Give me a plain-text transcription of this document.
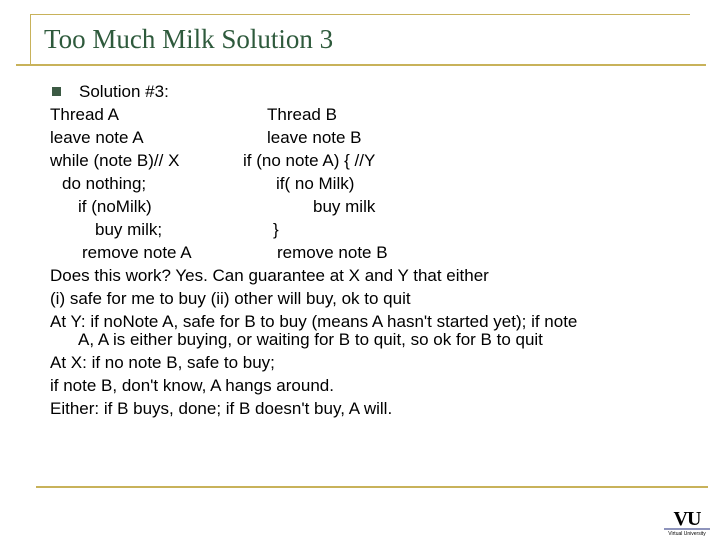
Too Much Milk Solution 3
Solution #3:
Thread A
leave note A
while (note B)// X
do nothing;
if (noMilk)
buy milk;
remove note A
Thread B
leave note B
if (no note A) { //Y
if( no Milk)
buy milk
}
remove note B
Does this work? Yes. Can guarantee at X and Y that either
(i) safe for me to buy (ii) other will buy, ok to quit
At Y: if noNote A, safe for B to buy (means A hasn't started yet); if note
A, A is either buying, or waiting for B to quit, so ok for B to quit
At X: if no note B, safe to buy;
if note B, don't know, A hangs around.
Either: if B buys, done; if B doesn't buy, A will.
VU
Virtual University
